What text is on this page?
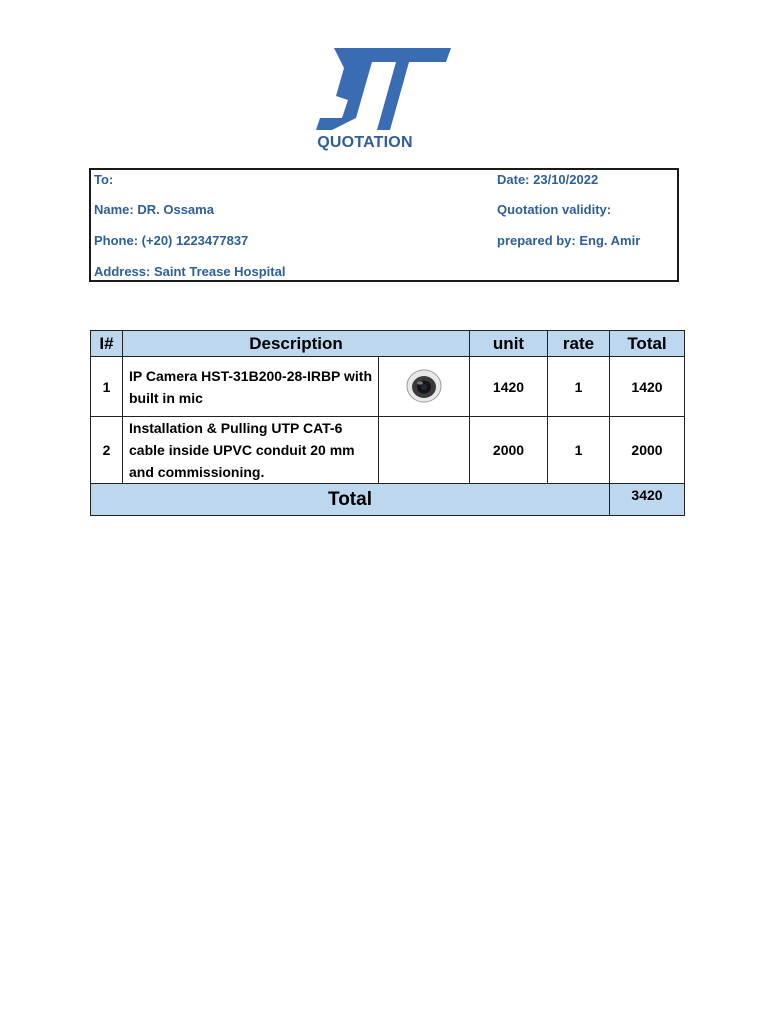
QUOTATION
To:
Name: DR. Ossama
Phone: (+20) 1223477837
Address: Saint Trease Hospital
Date: 23/10/2022
Quotation validity:
prepared by: Eng. Amir
I#	Description		unit	rate	Total
1	IP Camera HST-31B200-28-IRBP with built in mic		1420	1	1420
2	Installation & Pulling UTP CAT-6 cable inside UPVC conduit 20 mm and commissioning.		2000	1	2000
Total					3420
